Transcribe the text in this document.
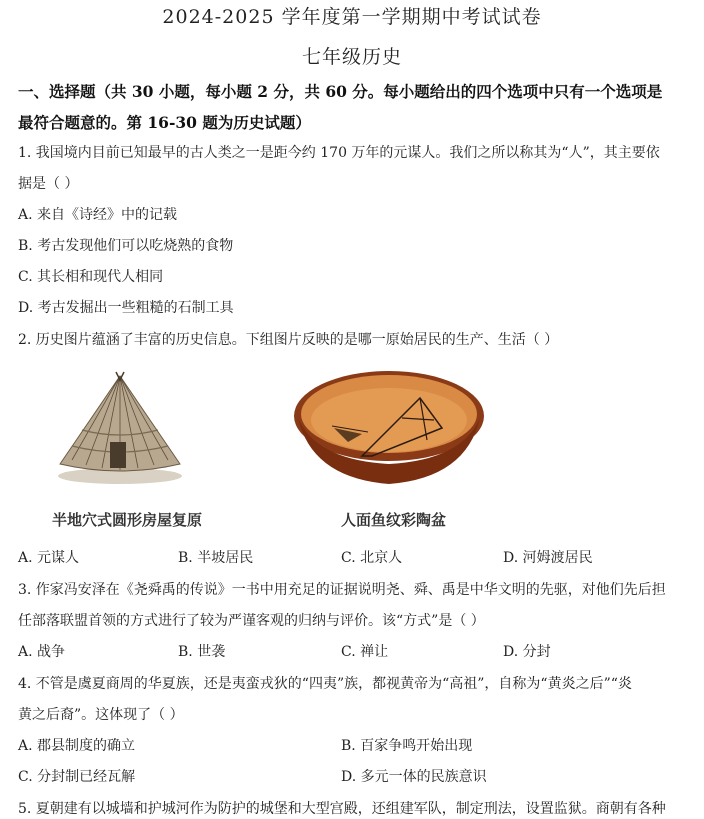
2024-2025 学年度第一学期期中考试试卷
七年级历史
一、选择题（共 30 小题，每小题 2 分，共 60 分。每小题给出的四个选项中只有一个选项是
最符合题意的。第 16-30 题为历史试题）
1. 我国境内目前已知最早的古人类之一是距今约 170 万年的元谋人。我们之所以称其为“人”，其主要依
据是（ ）
A. 来自《诗经》中的记载
B. 考古发现他们可以吃烧熟的食物
C. 其长相和现代人相同
D. 考古发掘出一些粗糙的石制工具
2. 历史图片蕴涵了丰富的历史信息。下组图片反映的是哪一原始居民的生产、生活（ ）
半地穴式圆形房屋复原	人面鱼纹彩陶盆
A. 元谋人	B. 半坡居民	C. 北京人	D. 河姆渡居民
3. 作家冯安泽在《尧舜禹的传说》一书中用充足的证据说明尧、舜、禹是中华文明的先驱，对他们先后担
任部落联盟首领的方式进行了较为严谨客观的归纳与评价。该“方式”是（ ）
A. 战争	B. 世袭	C. 禅让	D. 分封
4. 不管是虞夏商周的华夏族，还是夷蛮戎狄的“四夷”族，都视黄帝为“高祖”，自称为“黄炎之后”“炎
黄之后裔”。这体现了（ ）
A. 郡县制度的确立	B. 百家争鸣开始出现
C. 分封制已经瓦解	D. 多元一体的民族意识
5. 夏朝建有以城墙和护城河作为防护的城堡和大型宫殿，还组建军队，制定刑法，设置监狱。商朝有各种
